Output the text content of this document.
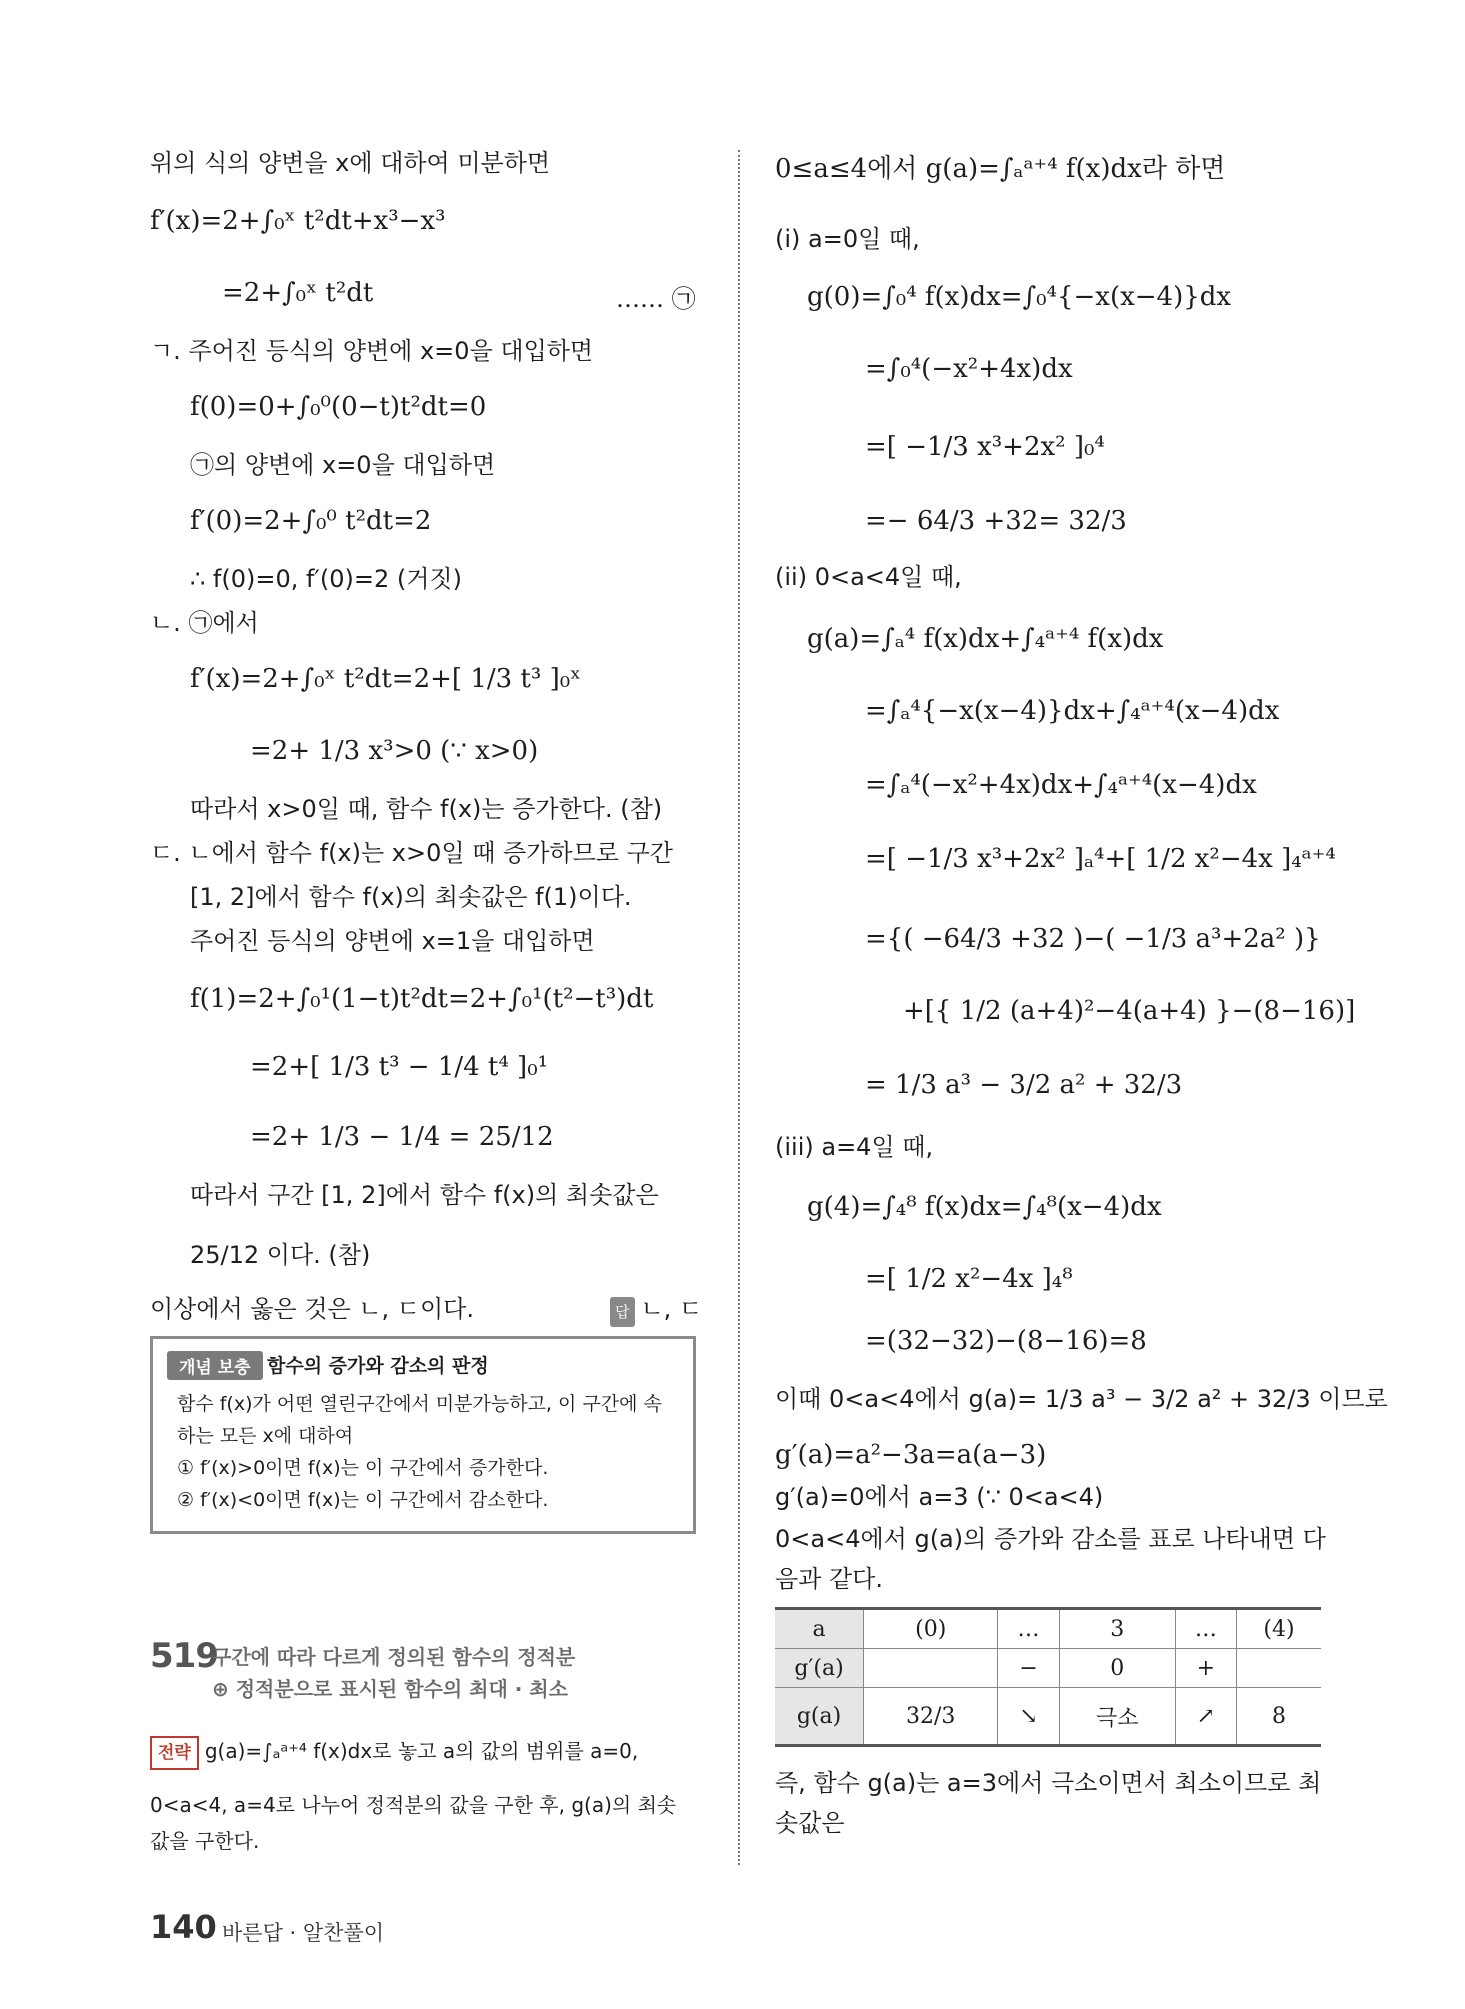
위의 식의 양변을 x에 대하여 미분하면
f′(x)=2+∫₀ˣ t²dt+x³−x³
=2+∫₀ˣ t²dt	…… ㉠
ㄱ. 주어진 등식의 양변에 x=0을 대입하면
f(0)=0+∫₀⁰(0−t)t²dt=0
㉠의 양변에 x=0을 대입하면
f′(0)=2+∫₀⁰ t²dt=2
∴ f(0)=0, f′(0)=2 (거짓)
ㄴ. ㉠에서
f′(x)=2+∫₀ˣ t²dt=2+[ 1/3 t³ ]₀ˣ
=2+ 1/3 x³>0 (∵ x>0)
따라서 x>0일 때, 함수 f(x)는 증가한다. (참)
ㄷ. ㄴ에서 함수 f(x)는 x>0일 때 증가하므로 구간
[1, 2]에서 함수 f(x)의 최솟값은 f(1)이다.
주어진 등식의 양변에 x=1을 대입하면
f(1)=2+∫₀¹(1−t)t²dt=2+∫₀¹(t²−t³)dt
=2+[ 1/3 t³ − 1/4 t⁴ ]₀¹
=2+ 1/3 − 1/4 = 25/12
따라서 구간 [1, 2]에서 함수 f(x)의 최솟값은
25/12 이다. (참)
이상에서 옳은 것은 ㄴ, ㄷ이다.	답 ㄴ, ㄷ
개념 보충 함수의 증가와 감소의 판정
함수 f(x)가 어떤 열린구간에서 미분가능하고, 이 구간에 속
하는 모든 x에 대하여
① f′(x)>0이면 f(x)는 이 구간에서 증가한다.
② f′(x)<0이면 f(x)는 이 구간에서 감소한다.
519
구간에 따라 다르게 정의된 함수의 정적분
⊕ 정적분으로 표시된 함수의 최대 · 최소
전략 g(a)=∫ₐᵃ⁺⁴ f(x)dx로 놓고 a의 값의 범위를 a=0,
0<a<4, a=4로 나누어 정적분의 값을 구한 후, g(a)의 최솟
값을 구한다.
0≤a≤4에서 g(a)=∫ₐᵃ⁺⁴ f(x)dx라 하면
(i) a=0일 때,
g(0)=∫₀⁴ f(x)dx=∫₀⁴{−x(x−4)}dx
=∫₀⁴(−x²+4x)dx
=[ −1/3 x³+2x² ]₀⁴
=− 64/3 +32= 32/3
(ii) 0<a<4일 때,
g(a)=∫ₐ⁴ f(x)dx+∫₄ᵃ⁺⁴ f(x)dx
=∫ₐ⁴{−x(x−4)}dx+∫₄ᵃ⁺⁴(x−4)dx
=∫ₐ⁴(−x²+4x)dx+∫₄ᵃ⁺⁴(x−4)dx
=[ −1/3 x³+2x² ]ₐ⁴+[ 1/2 x²−4x ]₄ᵃ⁺⁴
={( −64/3 +32 )−( −1/3 a³+2a² )}
+[{ 1/2 (a+4)²−4(a+4) }−(8−16)]
= 1/3 a³ − 3/2 a² + 32/3
(iii) a=4일 때,
g(4)=∫₄⁸ f(x)dx=∫₄⁸(x−4)dx
=[ 1/2 x²−4x ]₄⁸
=(32−32)−(8−16)=8
이때 0<a<4에서 g(a)= 1/3 a³ − 3/2 a² + 32/3 이므로
g′(a)=a²−3a=a(a−3)
g′(a)=0에서 a=3 (∵ 0<a<4)
0<a<4에서 g(a)의 증가와 감소를 표로 나타내면 다
음과 같다.
즉, 함수 g(a)는 a=3에서 극소이면서 최소이므로 최
솟값은
a	(0)	…	3	…	(4)
g′(a)		−	0	+	
g(a)	32/3	↘	극소	↗	8
140 바른답 · 알찬풀이
